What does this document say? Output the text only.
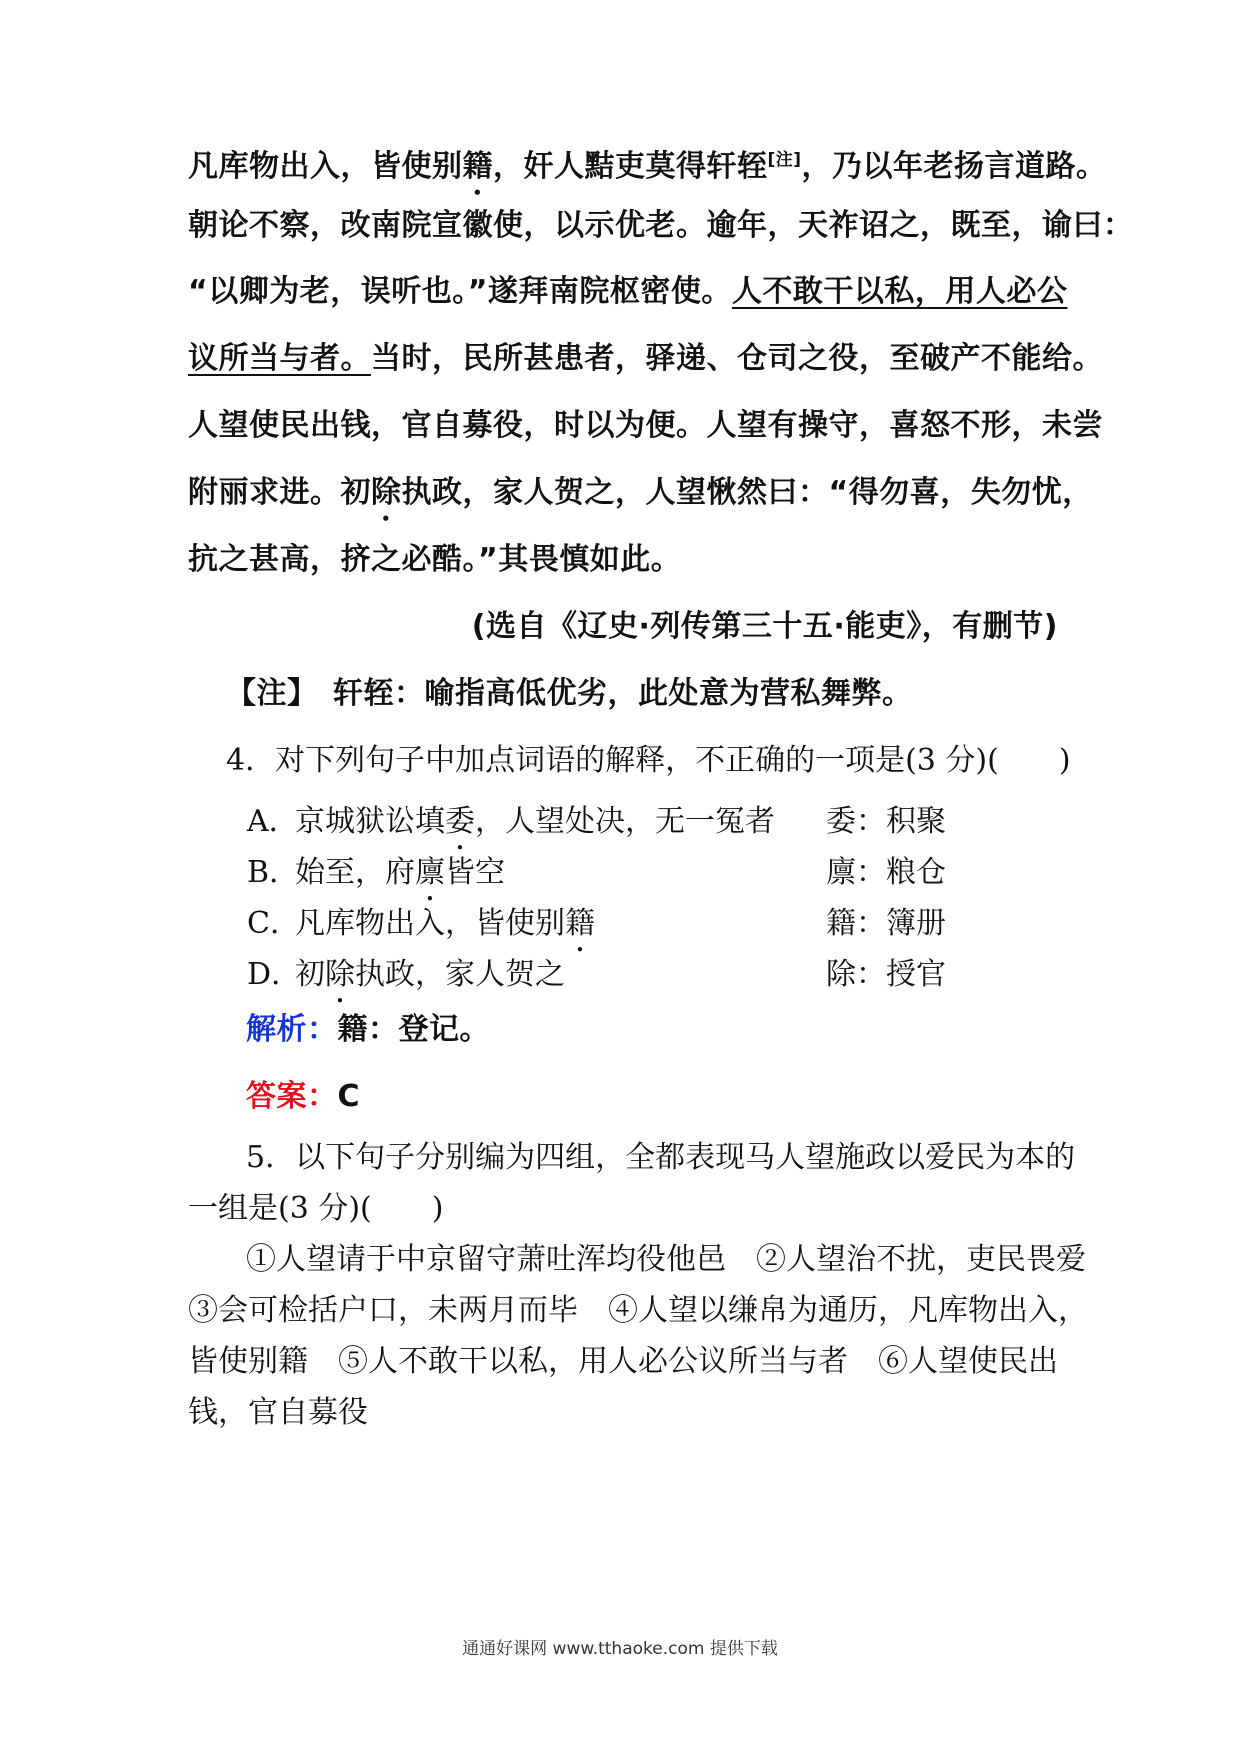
凡库物出入，皆使别籍，奸人黠吏莫得轩轾[注]，乃以年老扬言道路。
朝论不察，改南院宣徽使，以示优老。逾年，天祚诏之，既至，谕曰：
“以卿为老，误听也。”遂拜南院枢密使。人不敢干以私，用人必公
议所当与者。当时，民所甚患者，驿递、仓司之役，至破产不能给。
人望使民出钱，官自募役，时以为便。人望有操守，喜怒不形，未尝
附丽求进。初除执政，家人贺之，人望愀然曰：“得勿喜，失勿忧，
抗之甚高，挤之必酷。”其畏慎如此。
(选自《辽史·列传第三十五·能吏》，有删节)
【注】　轩轾：喻指高低优劣，此处意为营私舞弊。
4．对下列句子中加点词语的解释，不正确的一项是(3 分)( )
A．京城狱讼填委，人望处决，无一冤者 委：积聚
B．始至，府廪皆空	廪：粮仓
C．凡库物出入，皆使别籍	籍：簿册
D．初除执政，家人贺之	除：授官
解析：籍：登记。
答案：C
5．以下句子分别编为四组，全都表现马人望施政以爱民为本的
一组是(3 分)( )
①人望请于中京留守萧吐浑均役他邑　②人望治不扰，吏民畏爱
③会可检括户口，未两月而毕　④人望以缣帛为通历，凡库物出入，
皆使别籍　⑤人不敢干以私，用人必公议所当与者　⑥人望使民出
钱，官自募役
通通好课网 www.tthaoke.com 提供下载
